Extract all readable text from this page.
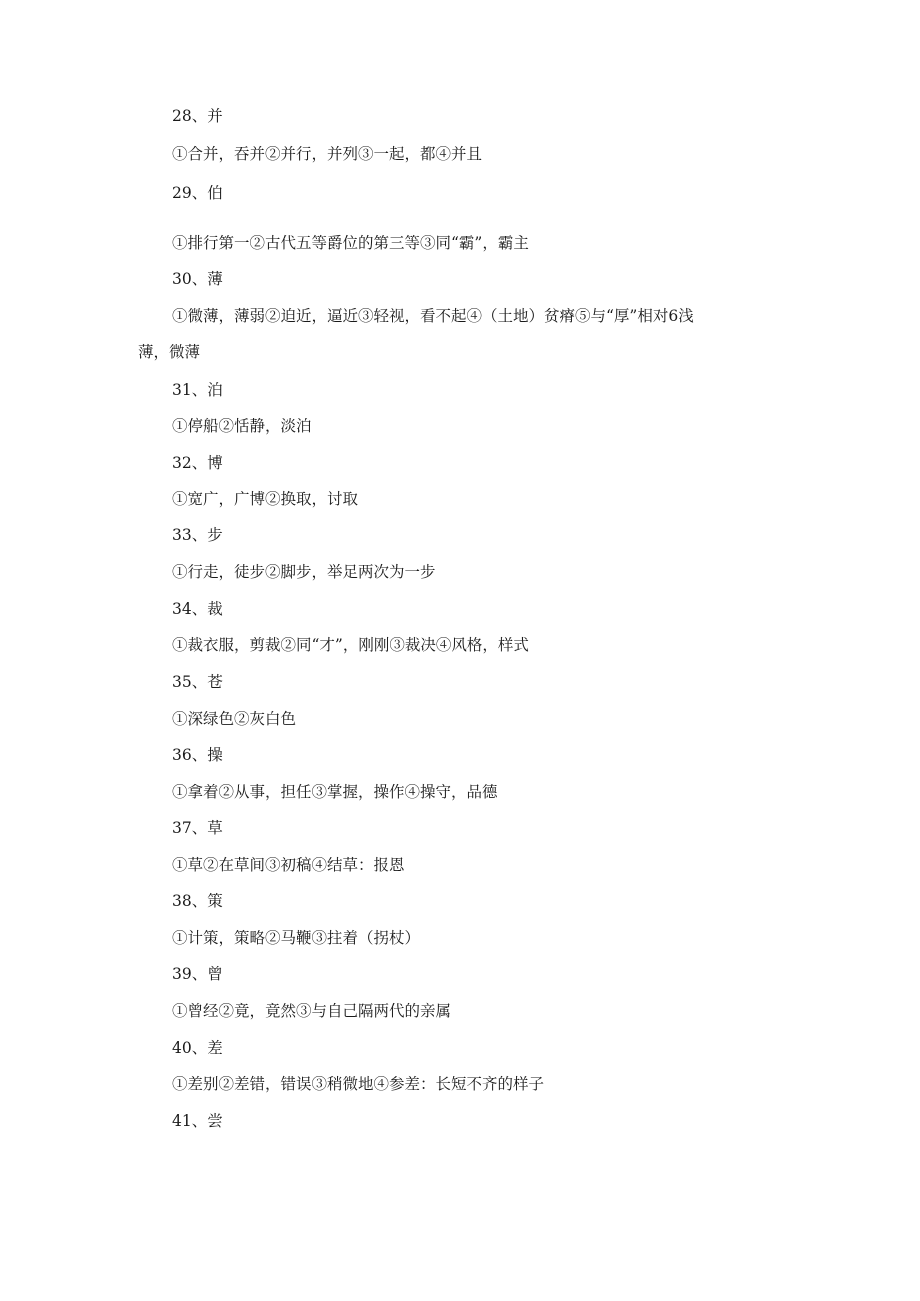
28、并
①合并，吞并②并行，并列③一起，都④并且
29、伯
①排行第一②古代五等爵位的第三等③同“霸”，霸主
30、薄
①微薄，薄弱②迫近，逼近③轻视，看不起④（土地）贫瘠⑤与“厚”相对6浅
薄，微薄
31、泊
①停船②恬静，淡泊
32、博
①宽广，广博②换取，讨取
33、步
①行走，徒步②脚步，举足两次为一步
34、裁
①裁衣服，剪裁②同“才”，刚刚③裁决④风格，样式
35、苍
①深绿色②灰白色
36、操
①拿着②从事，担任③掌握，操作④操守，品德
37、草
①草②在草间③初稿④结草：报恩
38、策
①计策，策略②马鞭③拄着（拐杖）
39、曾
①曾经②竟，竟然③与自己隔两代的亲属
40、差
①差别②差错，错误③稍微地④参差：长短不齐的样子
41、尝
